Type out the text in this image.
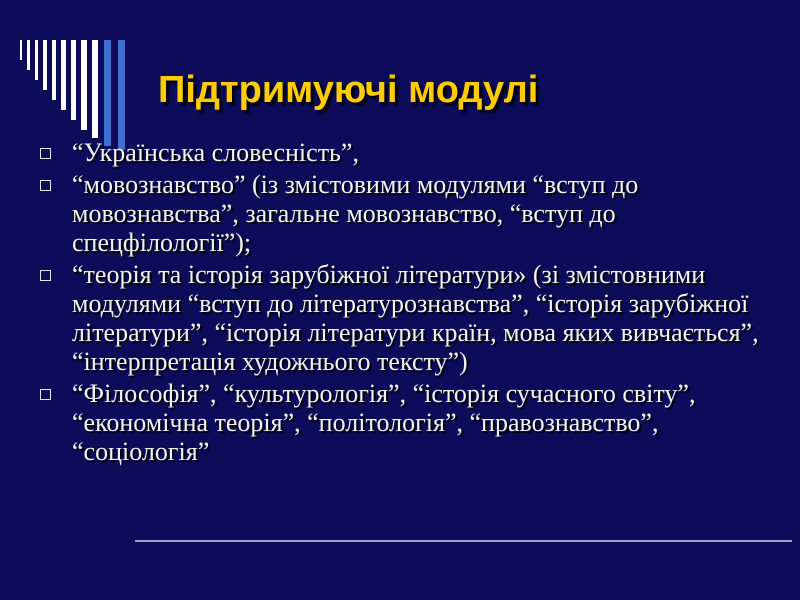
Підтримуючі модулі
“Українська словесність”,
“мовознавство” (із змістовими модулями “вступ до мовознавства”, загальне мовознавство, “вступ до спецфілології”);
“теорія та історія зарубіжної літератури» (зі змістовними модулями “вступ до літературознавства”, “історія зарубіжної літератури”, “історія літератури країн, мова яких вивчається”, “інтерпретація художнього тексту”)
“Філософія”, “культурологія”, “історія сучасного світу”, “економічна теорія”, “політологія”, “правознавство”, “соціологія”
